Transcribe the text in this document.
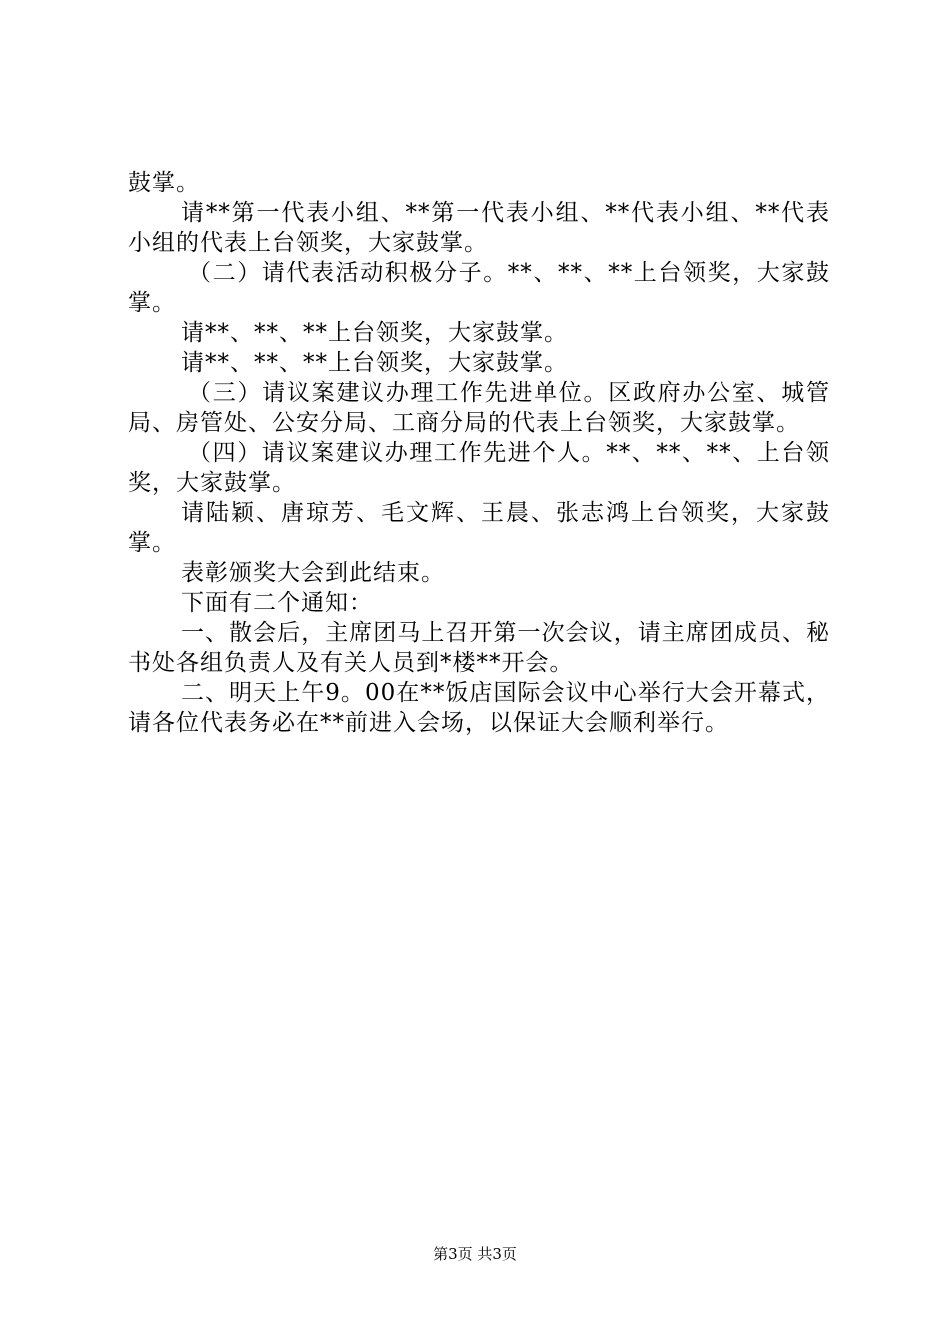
鼓掌。

请**第一代表小组、**第一代表小组、**代表小组、**代表小组的代表上台领奖，大家鼓掌。

（二）请代表活动积极分子。**、**、**上台领奖，大家鼓掌。

请**、**、**上台领奖，大家鼓掌。

请**、**、**上台领奖，大家鼓掌。

（三）请议案建议办理工作先进单位。区政府办公室、城管局、房管处、公安分局、工商分局的代表上台领奖，大家鼓掌。

（四）请议案建议办理工作先进个人。**、**、**、上台领奖，大家鼓掌。

请陆颖、唐琼芳、毛文辉、王晨、张志鸿上台领奖，大家鼓掌。

表彰颁奖大会到此结束。

下面有二个通知：

一、散会后，主席团马上召开第一次会议，请主席团成员、秘书处各组负责人及有关人员到*楼**开会。

二、明天上午9。00在**饭店国际会议中心举行大会开幕式，请各位代表务必在**前进入会场，以保证大会顺利举行。

第3页 共3页
